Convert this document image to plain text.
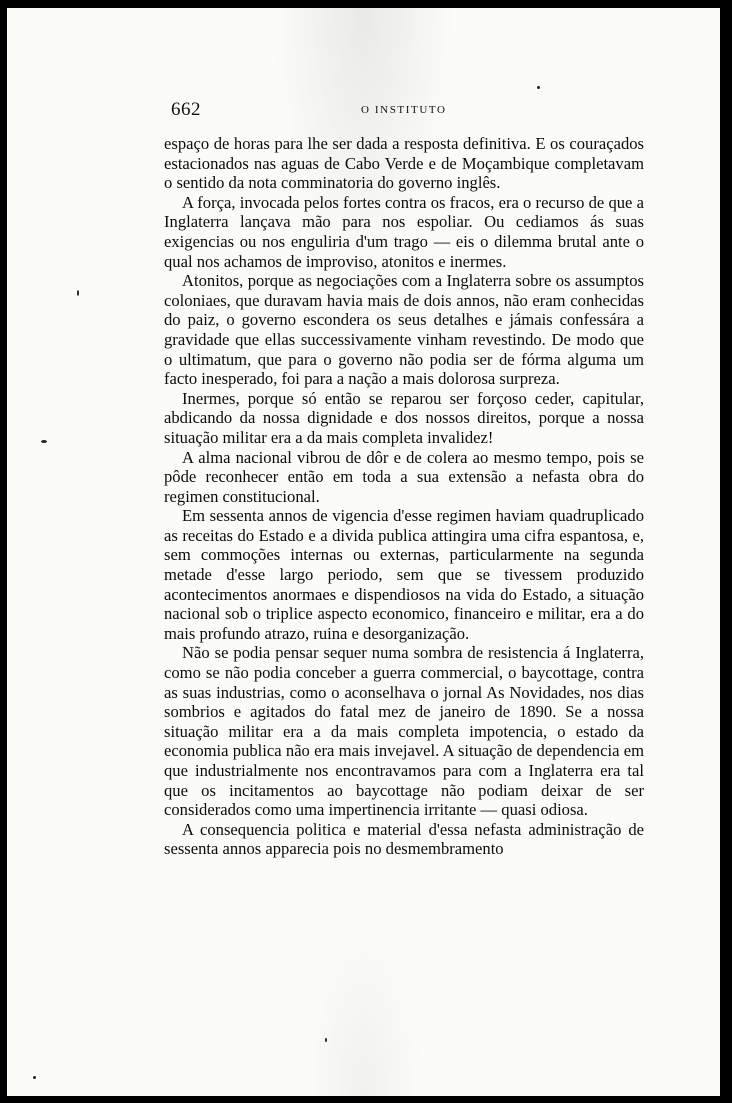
662	O INSTITUTO

espaço de horas para lhe ser dada a resposta definitiva. E os couraçados estacionados nas aguas de Cabo Verde e de Moçambique completavam o sentido da nota comminatoria do governo inglês.

A força, invocada pelos fortes contra os fracos, era o recurso de que a Inglaterra lançava mão para nos espoliar. Ou cediamos ás suas exigencias ou nos enguliria d'um trago — eis o dilemma brutal ante o qual nos achamos de improviso, atonitos e inermes.

Atonitos, porque as negociações com a Inglaterra sobre os assumptos coloniaes, que duravam havia mais de dois annos, não eram conhecidas do paiz, o governo escondera os seus detalhes e jámais confessára a gravidade que ellas successivamente vinham revestindo. De modo que o ultimatum, que para o governo não podia ser de fórma alguma um facto inesperado, foi para a nação a mais dolorosa surpreza.

Inermes, porque só então se reparou ser forçoso ceder, capitular, abdicando da nossa dignidade e dos nossos direitos, porque a nossa situação militar era a da mais completa invalidez!

A alma nacional vibrou de dôr e de colera ao mesmo tempo, pois se pôde reconhecer então em toda a sua extensão a nefasta obra do regimen constitucional.

Em sessenta annos de vigencia d'esse regimen haviam quadruplicado as receitas do Estado e a divida publica attingira uma cifra espantosa, e, sem commoções internas ou externas, particularmente na segunda metade d'esse largo periodo, sem que se tivessem produzido acontecimentos anormaes e dispendiosos na vida do Estado, a situação nacional sob o triplice aspecto economico, financeiro e militar, era a do mais profundo atrazo, ruina e desorganização.

Não se podia pensar sequer numa sombra de resistencia á Inglaterra, como se não podia conceber a guerra commercial, o baycottage, contra as suas industrias, como o aconselhava o jornal As Novidades, nos dias sombrios e agitados do fatal mez de janeiro de 1890. Se a nossa situação militar era a da mais completa impotencia, o estado da economia publica não era mais invejavel. A situação de dependencia em que industrialmente nos encontravamos para com a Inglaterra era tal que os incitamentos ao baycottage não podiam deixar de ser considerados como uma impertinencia irritante — quasi odiosa.

A consequencia politica e material d'essa nefasta administração de sessenta annos apparecia pois no desmembramento
